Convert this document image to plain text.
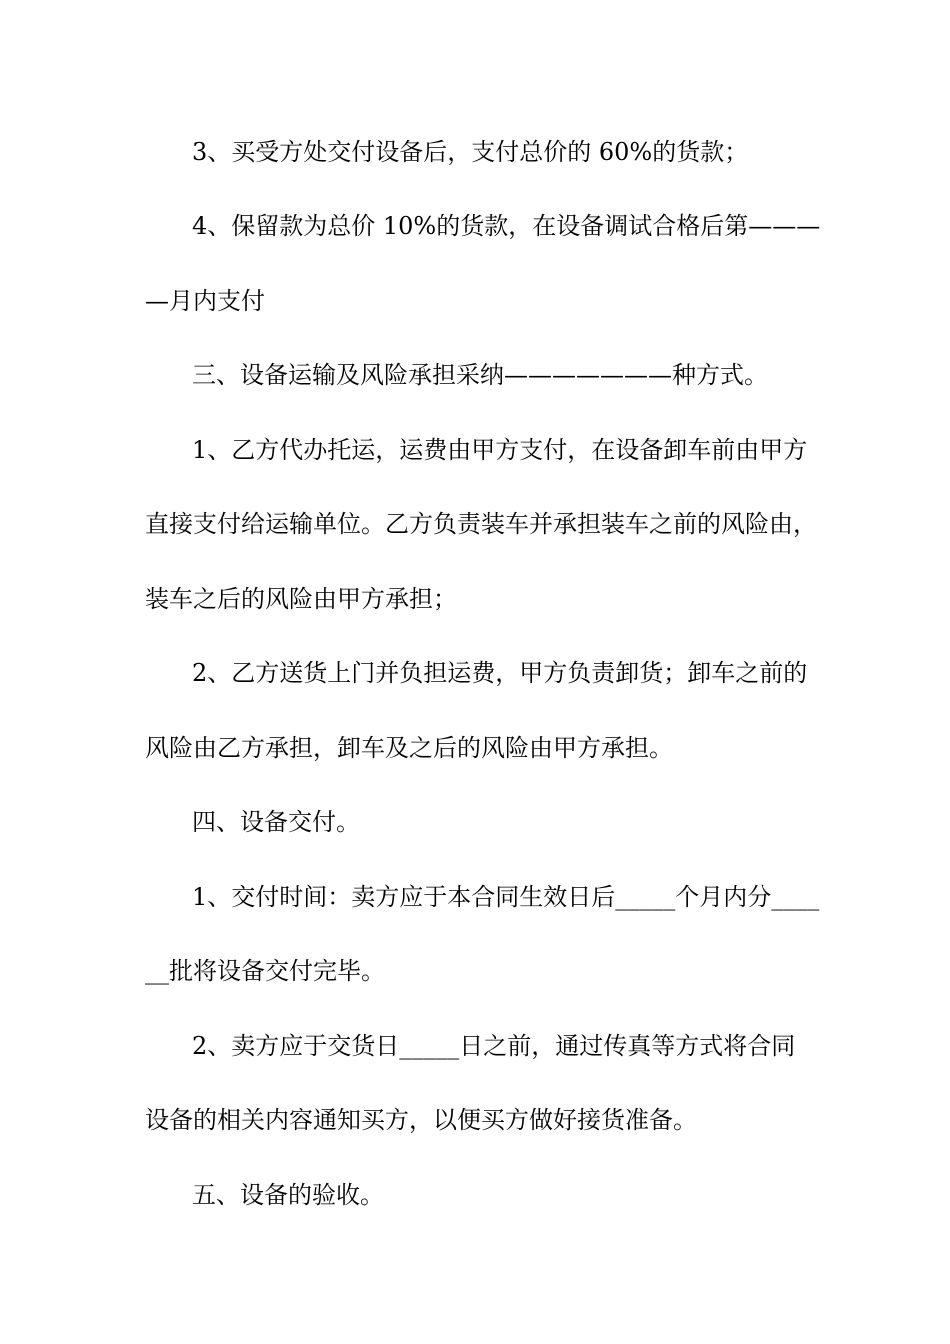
3、买受方处交付设备后，支付总价的 60%的货款；
4、保留款为总价 10%的货款，在设备调试合格后第———
—月内支付
三、设备运输及风险承担采纳———————种方式。
1、乙方代办托运，运费由甲方支付，在设备卸车前由甲方
直接支付给运输单位。乙方负责装车并承担装车之前的风险由，
装车之后的风险由甲方承担；
2、乙方送货上门并负担运费，甲方负责卸货；卸车之前的
风险由乙方承担，卸车及之后的风险由甲方承担。
四、设备交付。
1、交付时间：卖方应于本合同生效日后_____个月内分____
__批将设备交付完毕。
2、卖方应于交货日_____日之前，通过传真等方式将合同
设备的相关内容通知买方，以便买方做好接货准备。
五、设备的验收。
